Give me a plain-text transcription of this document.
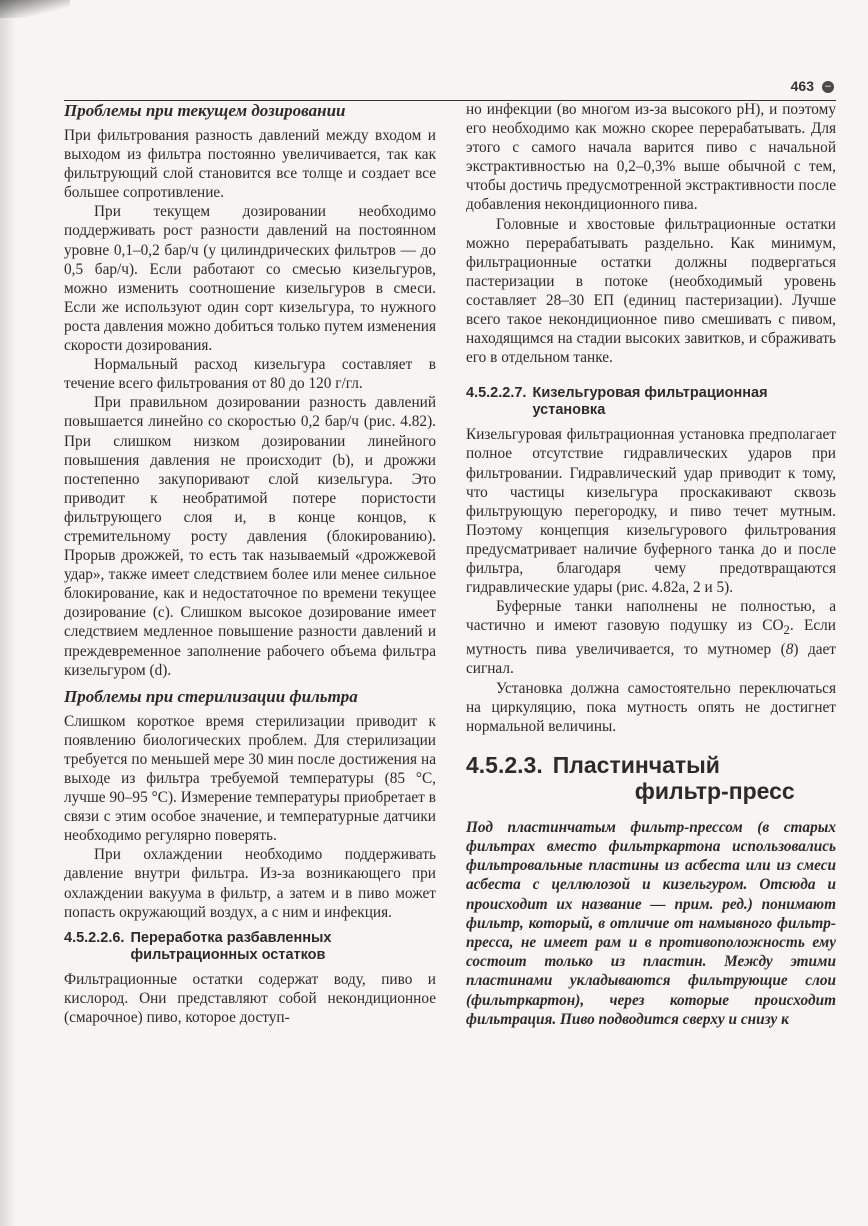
463 −

Проблемы при текущем дозировании

При фильтрования разность давлений между входом и выходом из фильтра постоянно увеличивается, так как фильтрующий слой становится все толще и создает все большее сопротивление.

При текущем дозировании необходимо поддерживать рост разности давлений на постоянном уровне 0,1–0,2 бар/ч (у цилиндрических фильтров — до 0,5 бар/ч). Если работают со смесью кизельгуров, можно изменить соотношение кизельгуров в смеси. Если же используют один сорт кизельгура, то нужного роста давления можно добиться только путем изменения скорости дозирования.

Нормальный расход кизельгура составляет в течение всего фильтрования от 80 до 120 г/гл.

При правильном дозировании разность давлений повышается линейно со скоростью 0,2 бар/ч (рис. 4.82). При слишком низком дозировании линейного повышения давления не происходит (b), и дрожжи постепенно закупоривают слой кизельгура. Это приводит к необратимой потере пористости фильтрующего слоя и, в конце концов, к стремительному росту давления (блокированию). Прорыв дрожжей, то есть так называемый «дрожжевой удар», также имеет следствием более или менее сильное блокирование, как и недостаточное по времени текущее дозирование (c). Слишком высокое дозирование имеет следствием медленное повышение разности давлений и преждевременное заполнение рабочего объема фильтра кизельгуром (d).

Проблемы при стерилизации фильтра

Слишком короткое время стерилизации приводит к появлению биологических проблем. Для стерилизации требуется по меньшей мере 30 мин после достижения на выходе из фильтра требуемой температуры (85 °C, лучше 90–95 °C). Измерение температуры приобретает в связи с этим особое значение, и температурные датчики необходимо регулярно поверять.

При охлаждении необходимо поддерживать давление внутри фильтра. Из-за возникающего при охлаждении вакуума в фильтр, а затем и в пиво может попасть окружающий воздух, а с ним и инфекция.

4.5.2.2.6. Переработка разбавленных фильтрационных остатков

Фильтрационные остатки содержат воду, пиво и кислород. Они представляют собой некондиционное (смарочное) пиво, которое доступ-

но инфекции (во многом из-за высокого pH), и поэтому его необходимо как можно скорее перерабатывать. Для этого с самого начала варится пиво с начальной экстрактивностью на 0,2–0,3% выше обычной с тем, чтобы достичь предусмотренной экстрактивности после добавления некондиционного пива.

Головные и хвостовые фильтрационные остатки можно перерабатывать раздельно. Как минимум, фильтрационные остатки должны подвергаться пастеризации в потоке (необходимый уровень составляет 28–30 ЕП (единиц пастеризации). Лучше всего такое некондиционное пиво смешивать с пивом, находящимся на стадии высоких завитков, и сбраживать его в отдельном танке.

4.5.2.2.7. Кизельгуровая фильтрационная установка

Кизельгуровая фильтрационная установка предполагает полное отсутствие гидравлических ударов при фильтровании. Гидравлический удар приводит к тому, что частицы кизельгура проскакивают сквозь фильтрующую перегородку, и пиво течет мутным. Поэтому концепция кизельгурового фильтрования предусматривает наличие буферного танка до и после фильтра, благодаря чему предотвращаются гидравлические удары (рис. 4.82a, 2 и 5).

Буферные танки наполнены не полностью, а частично и имеют газовую подушку из $CO_2$. Если мутность пива увеличивается, то мутномер (8) дает сигнал.

Установка должна самостоятельно переключаться на циркуляцию, пока мутность опять не достигнет нормальной величины.

4.5.2.3. Пластинчатый
фильтр-пресс

Под пластинчатым фильтр-прессом (в старых фильтрах вместо фильтркартона использовались фильтровальные пластины из асбеста или из смеси асбеста с целлюлозой и кизельгуром. Отсюда и происходит их название — прим. ред.) понимают фильтр, который, в отличие от намывного фильтр-пресса, не имеет рам и в противоположность ему состоит только из пластин. Между этими пластинами укладываются фильтрующие слои (фильтркартон), через которые происходит фильтрация. Пиво подводится сверху и снизу к
